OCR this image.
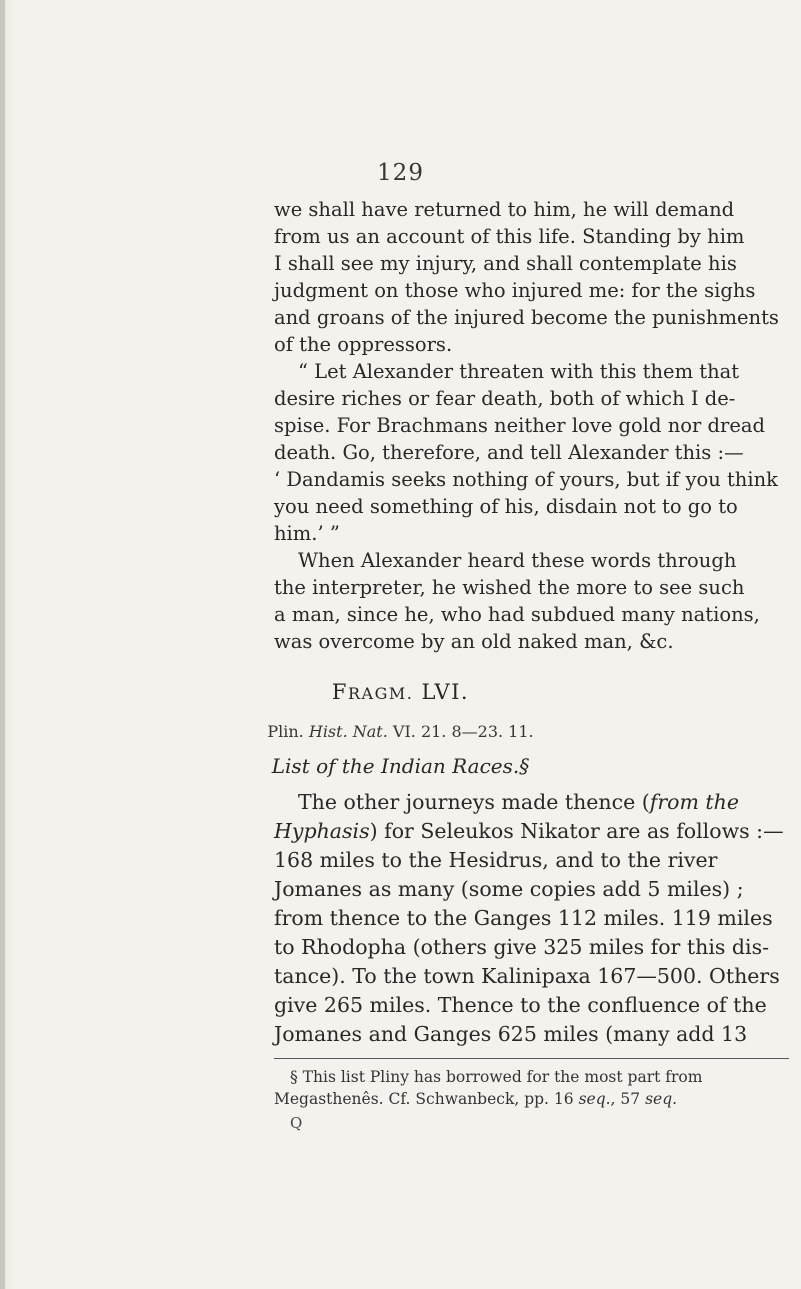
129
we shall have returned to him, he will demand
from us an account of this life. Standing by him
I shall see my injury, and shall contemplate his
judgment on those who injured me: for the sighs
and groans of the injured become the punishments
of the oppressors.
“ Let Alexander threaten with this them that
desire riches or fear death, both of which I de-
spise. For Brachmans neither love gold nor dread
death. Go, therefore, and tell Alexander this :—
‘ Dandamis seeks nothing of yours, but if you think
you need something of his, disdain not to go to
him.’ ”
When Alexander heard these words through
the interpreter, he wished the more to see such
a man, since he, who had subdued many nations,
was overcome by an old naked man, &c.
FRAGM. LVI.
Plin. Hist. Nat. VI. 21. 8—23. 11.
List of the Indian Races.§
The other journeys made thence (from the
Hyphasis) for Seleukos Nikator are as follows :—
168 miles to the Hesidrus, and to the river
Jomanes as many (some copies add 5 miles) ;
from thence to the Ganges 112 miles. 119 miles
to Rhodopha (others give 325 miles for this dis-
tance). To the town Kalinipaxa 167—500. Others
give 265 miles. Thence to the confluence of the
Jomanes and Ganges 625 miles (many add 13
§ This list Pliny has borrowed for the most part from
Megasthenês. Cf. Schwanbeck, pp. 16 seq., 57 seq.
Q
